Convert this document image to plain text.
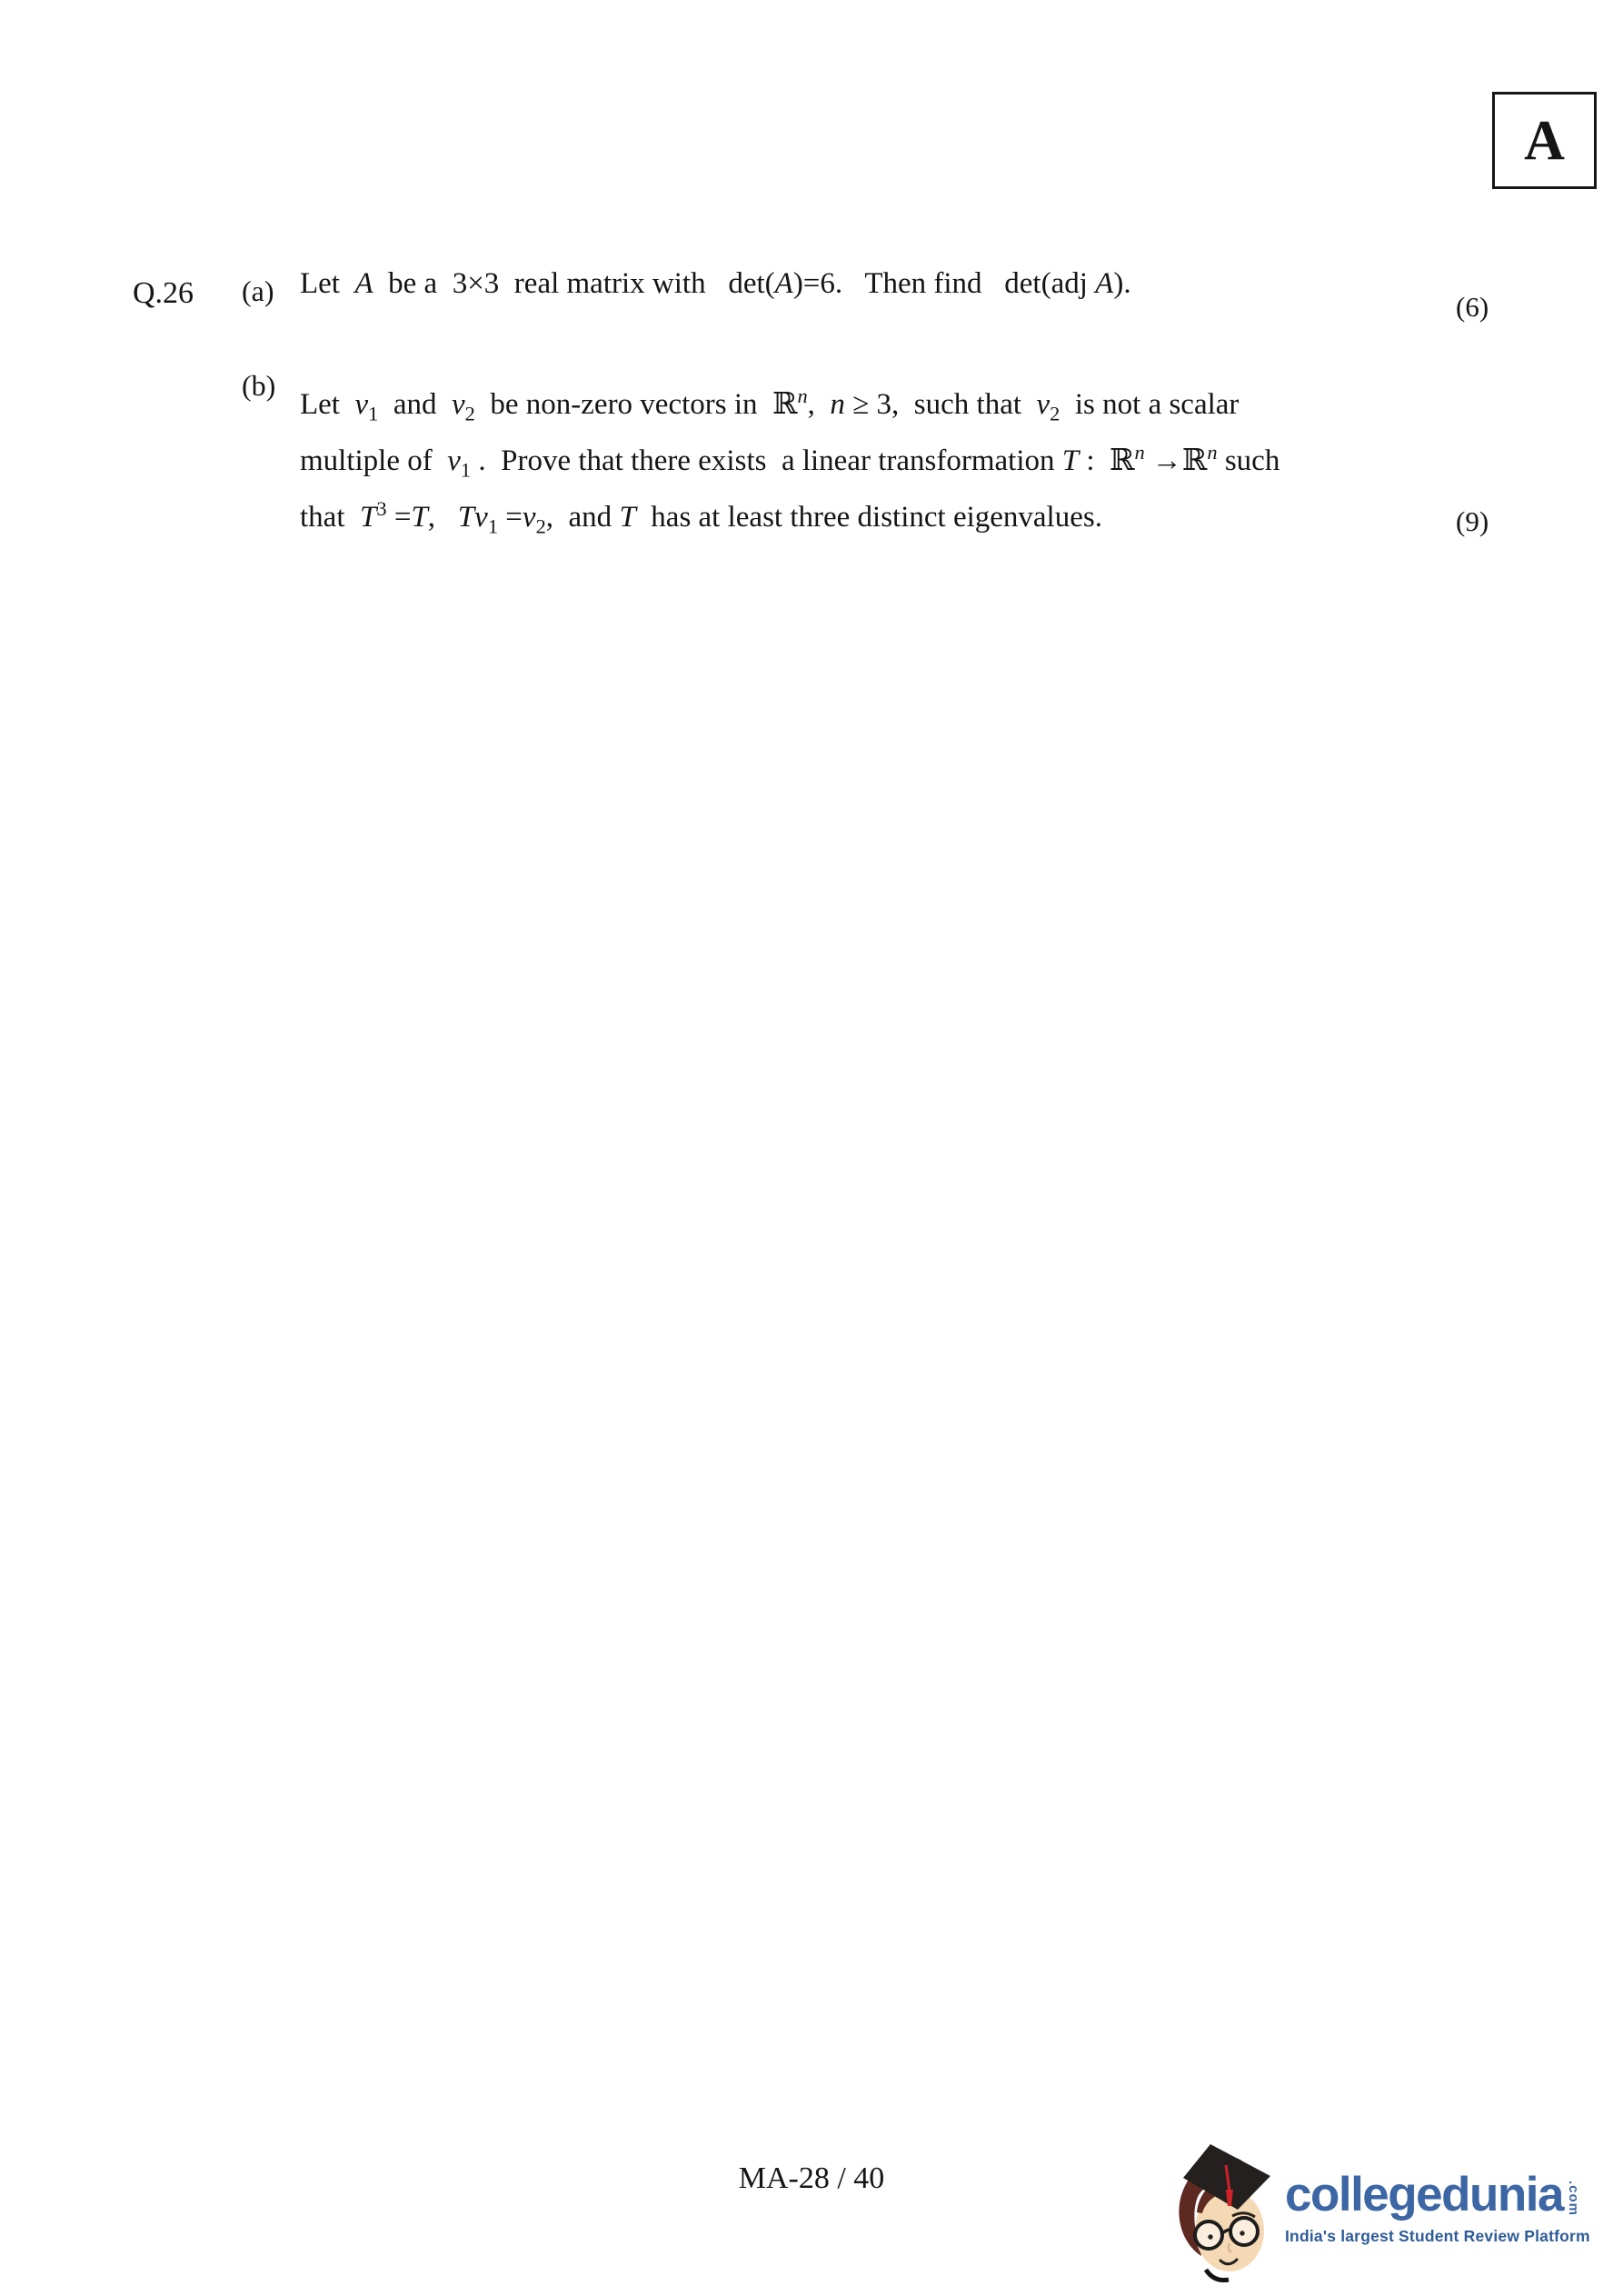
A
Q.26 (a) Let  A  be a  3×3  real matrix with   det(A)=6.   Then find   det(adj A).
(6)
(b)
Let  $v_1$  and  $v_2$  be non-zero vectors in  ℝ$^n$,  n ≥ 3,  such that  $v_2$  is not a scalar
multiple of  $v_1$ .  Prove that there exists  a linear transformation T :  ℝ$^n$ →ℝ$^n$ such
that  $T^3 =T$,   $Tv_1 =v_2$,  and T  has at least three distinct eigenvalues.	(9)
MA-28 / 40	collegedunia .com
India's largest Student Review Platform
